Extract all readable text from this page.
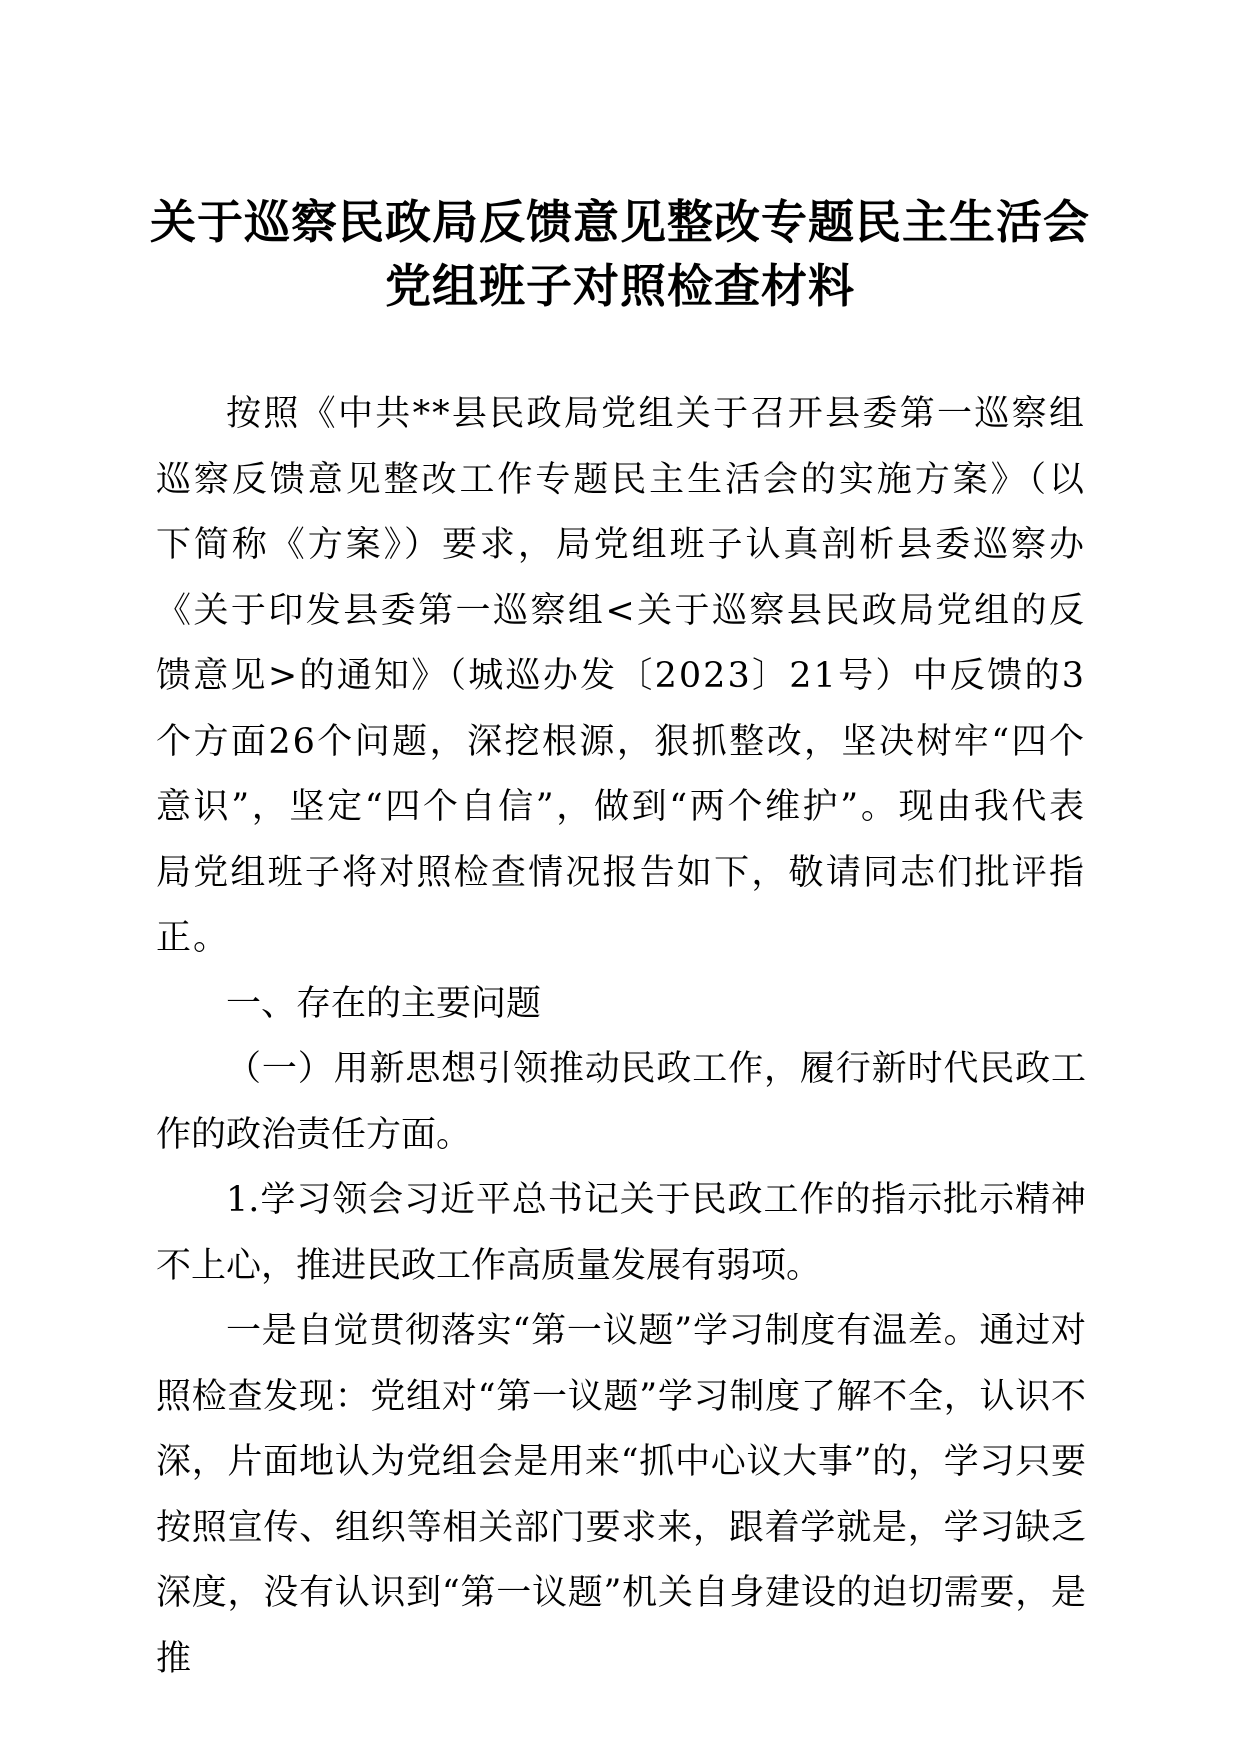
关于巡察民政局反馈意见整改专题民主生活会
党组班子对照检查材料

按照《中共**县民政局党组关于召开县委第一巡察组巡察反馈意见整改工作专题民主生活会的实施方案》（以下简称《方案》）要求，局党组班子认真剖析县委巡察办《关于印发县委第一巡察组<关于巡察县民政局党组的反馈意见>的通知》（城巡办发〔2023〕21号）中反馈的3个方面26个问题，深挖根源，狠抓整改，坚决树牢“四个意识”，坚定“四个自信”，做到“两个维护”。现由我代表局党组班子将对照检查情况报告如下，敬请同志们批评指正。

一、存在的主要问题

（一）用新思想引领推动民政工作，履行新时代民政工作的政治责任方面。

1.学习领会习近平总书记关于民政工作的指示批示精神不上心，推进民政工作高质量发展有弱项。

一是自觉贯彻落实“第一议题”学习制度有温差。通过对照检查发现：党组对“第一议题”学习制度了解不全，认识不深，片面地认为党组会是用来“抓中心议大事”的，学习只要按照宣传、组织等相关部门要求来，跟着学就是，学习缺乏深度，没有认识到“第一议题”机关自身建设的迫切需要，是推
